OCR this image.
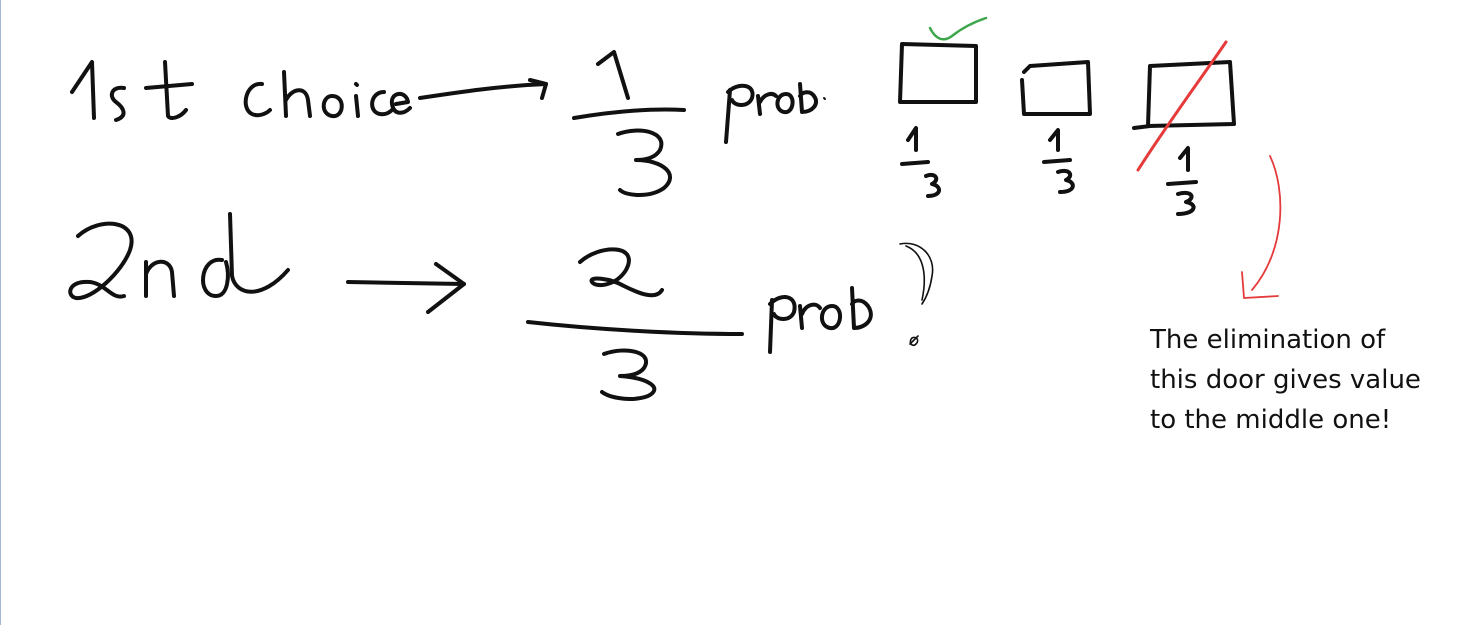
The elimination of
this door gives value
to the middle one!
